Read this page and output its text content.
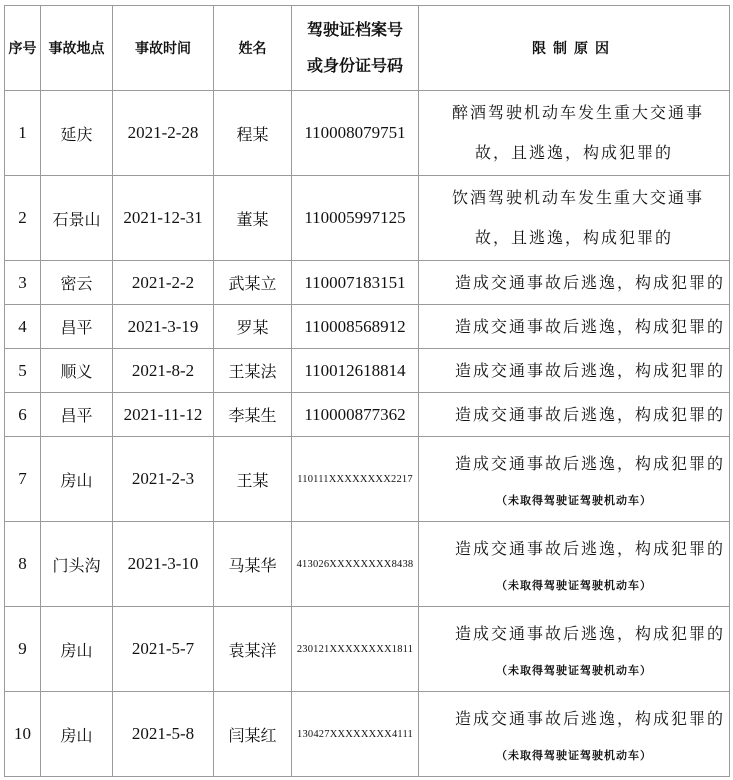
序号	事故地点	事故时间	姓名	驾驶证档案号
或身份证号码	限制原因
1	延庆	2021-2-28	程某	110008079751	醉酒驾驶机动车发生重大交通事
故，且逃逸，构成犯罪的

2	石景山	2021-12-31	董某	110005997125	饮酒驾驶机动车发生重大交通事
故，且逃逸，构成犯罪的

3	密云	2021-2-2	武某立	110007183151	造成交通事故后逃逸，构成犯罪的
4	昌平	2021-3-19	罗某	110008568912	造成交通事故后逃逸，构成犯罪的
5	顺义	2021-8-2	王某法	110012618814	造成交通事故后逃逸，构成犯罪的
6	昌平	2021-11-12	李某生	110000877362	造成交通事故后逃逸，构成犯罪的
7	房山	2021-2-3	王某	110111XXXXXXXX2217	造成交通事故后逃逸，构成犯罪的
（未取得驾驶证驾驶机动车）

8	门头沟	2021-3-10	马某华	413026XXXXXXXX8438	造成交通事故后逃逸，构成犯罪的
（未取得驾驶证驾驶机动车）

9	房山	2021-5-7	袁某洋	230121XXXXXXXX1811	造成交通事故后逃逸，构成犯罪的
（未取得驾驶证驾驶机动车）

10	房山	2021-5-8	闫某红	130427XXXXXXXX4111	造成交通事故后逃逸，构成犯罪的
（未取得驾驶证驾驶机动车）
